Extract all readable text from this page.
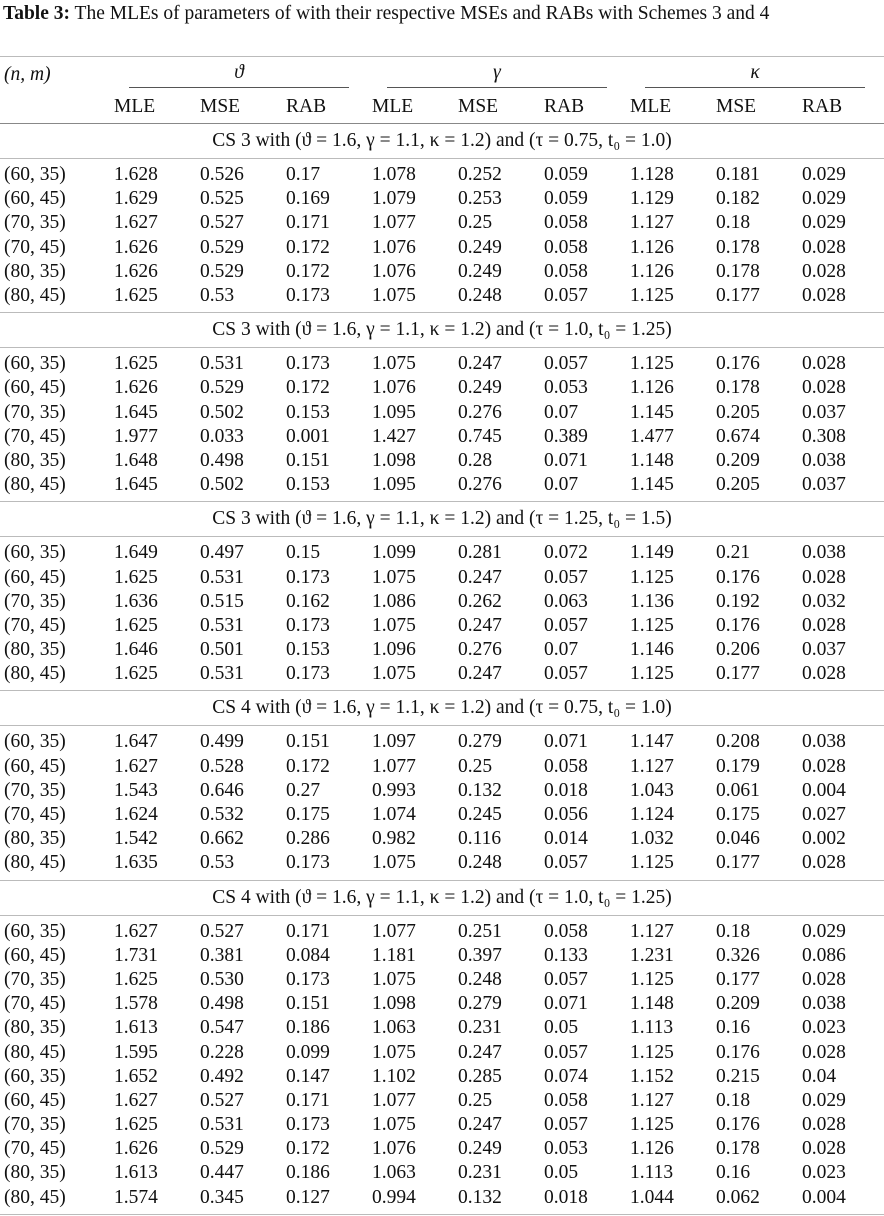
Table 3: The MLEs of parameters of with their respective MSEs and RABs with Schemes 3 and 4
(n, m)	ϑ			γ			κ		
	MLE	MSE	RAB	MLE	MSE	RAB	MLE	MSE	RAB
CS 3 with (ϑ = 1.6, γ = 1.1, κ = 1.2) and (τ = 0.75, t₀ = 1.0)									
(60, 35)	1.628	0.526	0.17	1.078	0.252	0.059	1.128	0.181	0.029
(60, 45)	1.629	0.525	0.169	1.079	0.253	0.059	1.129	0.182	0.029
(70, 35)	1.627	0.527	0.171	1.077	0.25	0.058	1.127	0.18	0.029
(70, 45)	1.626	0.529	0.172	1.076	0.249	0.058	1.126	0.178	0.028
(80, 35)	1.626	0.529	0.172	1.076	0.249	0.058	1.126	0.178	0.028
(80, 45)	1.625	0.53	0.173	1.075	0.248	0.057	1.125	0.177	0.028
CS 3 with (ϑ = 1.6, γ = 1.1, κ = 1.2) and (τ = 1.0, t₀ = 1.25)									
(60, 35)	1.625	0.531	0.173	1.075	0.247	0.057	1.125	0.176	0.028
(60, 45)	1.626	0.529	0.172	1.076	0.249	0.053	1.126	0.178	0.028
(70, 35)	1.645	0.502	0.153	1.095	0.276	0.07	1.145	0.205	0.037
(70, 45)	1.977	0.033	0.001	1.427	0.745	0.389	1.477	0.674	0.308
(80, 35)	1.648	0.498	0.151	1.098	0.28	0.071	1.148	0.209	0.038
(80, 45)	1.645	0.502	0.153	1.095	0.276	0.07	1.145	0.205	0.037
CS 3 with (ϑ = 1.6, γ = 1.1, κ = 1.2) and (τ = 1.25, t₀ = 1.5)									
(60, 35)	1.649	0.497	0.15	1.099	0.281	0.072	1.149	0.21	0.038
(60, 45)	1.625	0.531	0.173	1.075	0.247	0.057	1.125	0.176	0.028
(70, 35)	1.636	0.515	0.162	1.086	0.262	0.063	1.136	0.192	0.032
(70, 45)	1.625	0.531	0.173	1.075	0.247	0.057	1.125	0.176	0.028
(80, 35)	1.646	0.501	0.153	1.096	0.276	0.07	1.146	0.206	0.037
(80, 45)	1.625	0.531	0.173	1.075	0.247	0.057	1.125	0.177	0.028
CS 4 with (ϑ = 1.6, γ = 1.1, κ = 1.2) and (τ = 0.75, t₀ = 1.0)									
(60, 35)	1.647	0.499	0.151	1.097	0.279	0.071	1.147	0.208	0.038
(60, 45)	1.627	0.528	0.172	1.077	0.25	0.058	1.127	0.179	0.028
(70, 35)	1.543	0.646	0.27	0.993	0.132	0.018	1.043	0.061	0.004
(70, 45)	1.624	0.532	0.175	1.074	0.245	0.056	1.124	0.175	0.027
(80, 35)	1.542	0.662	0.286	0.982	0.116	0.014	1.032	0.046	0.002
(80, 45)	1.635	0.53	0.173	1.075	0.248	0.057	1.125	0.177	0.028
CS 4 with (ϑ = 1.6, γ = 1.1, κ = 1.2) and (τ = 1.0, t₀ = 1.25)									
(60, 35)	1.627	0.527	0.171	1.077	0.251	0.058	1.127	0.18	0.029
(60, 45)	1.731	0.381	0.084	1.181	0.397	0.133	1.231	0.326	0.086
(70, 35)	1.625	0.530	0.173	1.075	0.248	0.057	1.125	0.177	0.028
(70, 45)	1.578	0.498	0.151	1.098	0.279	0.071	1.148	0.209	0.038
(80, 35)	1.613	0.547	0.186	1.063	0.231	0.05	1.113	0.16	0.023
(80, 45)	1.595	0.228	0.099	1.075	0.247	0.057	1.125	0.176	0.028
(60, 35)	1.652	0.492	0.147	1.102	0.285	0.074	1.152	0.215	0.04
(60, 45)	1.627	0.527	0.171	1.077	0.25	0.058	1.127	0.18	0.029
(70, 35)	1.625	0.531	0.173	1.075	0.247	0.057	1.125	0.176	0.028
(70, 45)	1.626	0.529	0.172	1.076	0.249	0.053	1.126	0.178	0.028
(80, 35)	1.613	0.447	0.186	1.063	0.231	0.05	1.113	0.16	0.023
(80, 45)	1.574	0.345	0.127	0.994	0.132	0.018	1.044	0.062	0.004
